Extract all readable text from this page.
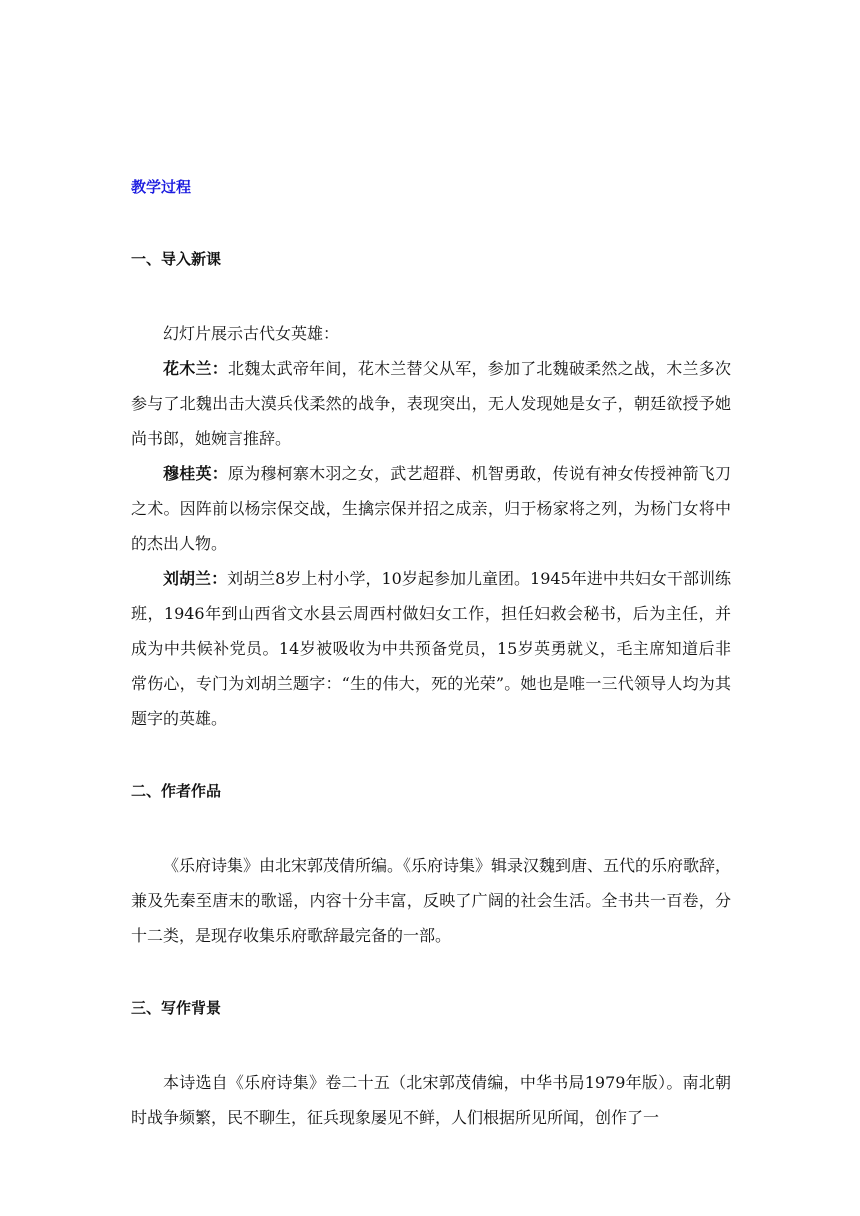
教学过程
一、导入新课

幻灯片展示古代女英雄：

花木兰：北魏太武帝年间，花木兰替父从军，参加了北魏破柔然之战，木兰多次参与了北魏出击大漠兵伐柔然的战争，表现突出，无人发现她是女子，朝廷欲授予她尚书郎，她婉言推辞。

穆桂英：原为穆柯寨木羽之女，武艺超群、机智勇敢，传说有神女传授神箭飞刀之术。因阵前以杨宗保交战，生擒宗保并招之成亲，归于杨家将之列，为杨门女将中的杰出人物。

刘胡兰：刘胡兰8岁上村小学，10岁起参加儿童团。1945年进中共妇女干部训练班，1946年到山西省文水县云周西村做妇女工作，担任妇救会秘书，后为主任，并成为中共候补党员。14岁被吸收为中共预备党员，15岁英勇就义，毛主席知道后非常伤心，专门为刘胡兰题字：“生的伟大，死的光荣”。她也是唯一三代领导人均为其题字的英雄。

二、作者作品

《乐府诗集》由北宋郭茂倩所编。《乐府诗集》辑录汉魏到唐、五代的乐府歌辞，兼及先秦至唐末的歌谣，内容十分丰富，反映了广阔的社会生活。全书共一百卷，分十二类，是现存收集乐府歌辞最完备的一部。

三、写作背景

本诗选自《乐府诗集》卷二十五（北宋郭茂倩编，中华书局1979年版）。南北朝时战争频繁，民不聊生，征兵现象屡见不鲜，人们根据所见所闻，创作了一
